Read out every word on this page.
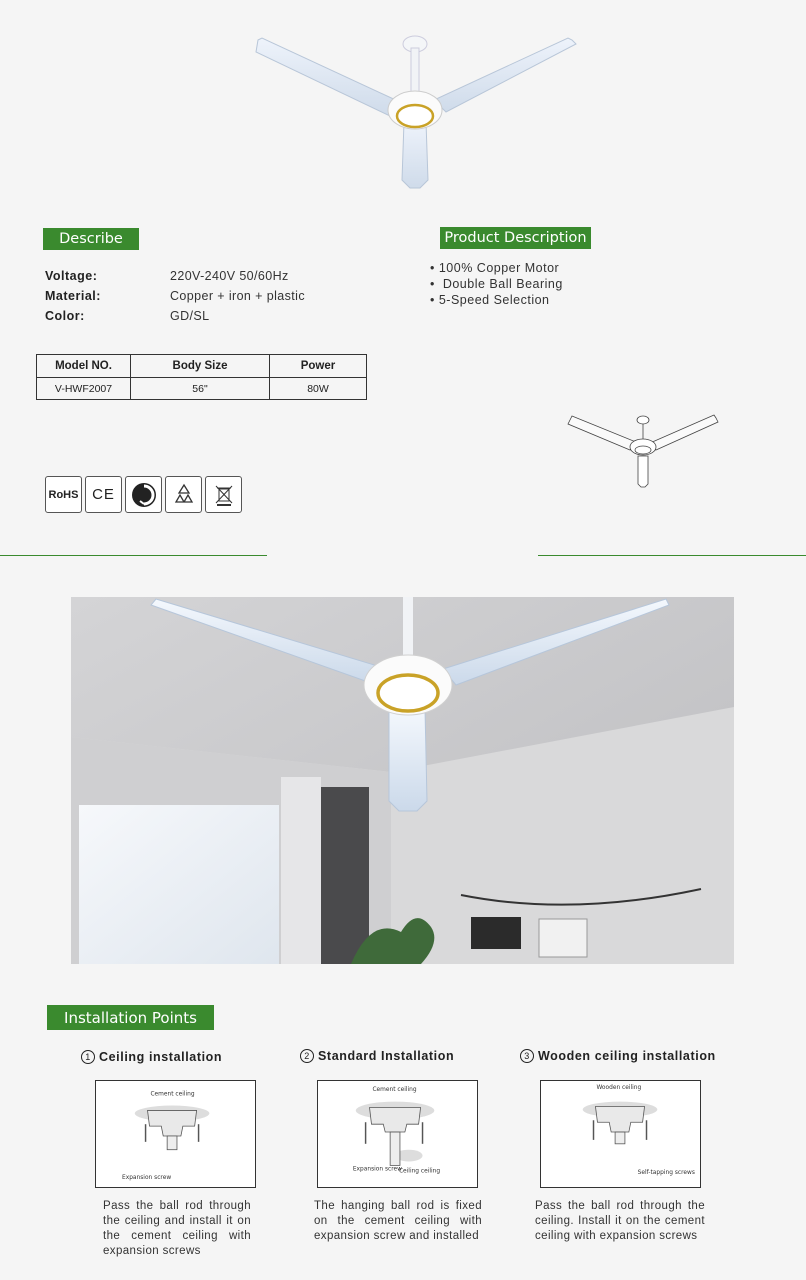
Describe
Voltage:	220V-240V 50/60Hz
Material:	Copper + iron + plastic
Color:	GD/SL
Product Description
• 100% Copper Motor
•  Double Ball Bearing
• 5-Speed Selection
Model NO.	Body Size	Power
V-HWF2007	56"	80W
RoHS CE
Installation Points
1 Ceiling installation
Cement ceiling
Expansion screw
Pass the ball rod through the ceiling and install it on the cement ceiling with expansion screws
2 Standard Installation
Cement ceiling
Expansion screw
Ceiling ceiling
The hanging ball rod is fixed on the cement ceiling with expansion screw and installed
3 Wooden ceiling installation
Wooden ceiling
Self-tapping screws
Pass the ball rod through the ceiling. Install it on the cement ceiling with expansion screws
